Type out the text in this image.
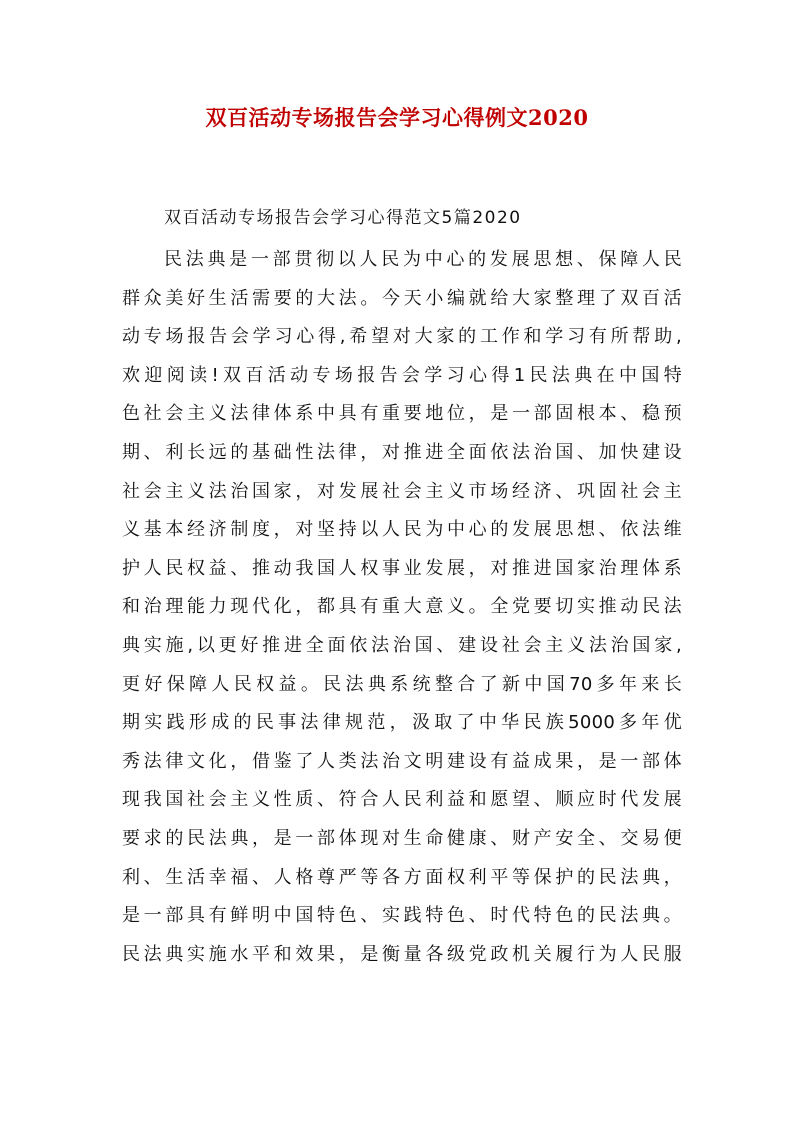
双百活动专场报告会学习心得例文2020
双百活动专场报告会学习心得范文5篇2020
民法典是一部贯彻以人民为中心的发展思想、保障人民
群众美好生活需要的大法。今天小编就给大家整理了双百活
动专场报告会学习心得,希望对大家的工作和学习有所帮助,
欢迎阅读!双百活动专场报告会学习心得1民法典在中国特
色社会主义法律体系中具有重要地位，是一部固根本、稳预
期、利长远的基础性法律，对推进全面依法治国、加快建设
社会主义法治国家，对发展社会主义市场经济、巩固社会主
义基本经济制度，对坚持以人民为中心的发展思想、依法维
护人民权益、推动我国人权事业发展，对推进国家治理体系
和治理能力现代化，都具有重大意义。全党要切实推动民法
典实施,以更好推进全面依法治国、建设社会主义法治国家,
更好保障人民权益。民法典系统整合了新中国70多年来长
期实践形成的民事法律规范，汲取了中华民族5000多年优
秀法律文化，借鉴了人类法治文明建设有益成果，是一部体
现我国社会主义性质、符合人民利益和愿望、顺应时代发展
要求的民法典，是一部体现对生命健康、财产安全、交易便
利、生活幸福、人格尊严等各方面权利平等保护的民法典，
是一部具有鲜明中国特色、实践特色、时代特色的民法典。
民法典实施水平和效果，是衡量各级党政机关履行为人民服
